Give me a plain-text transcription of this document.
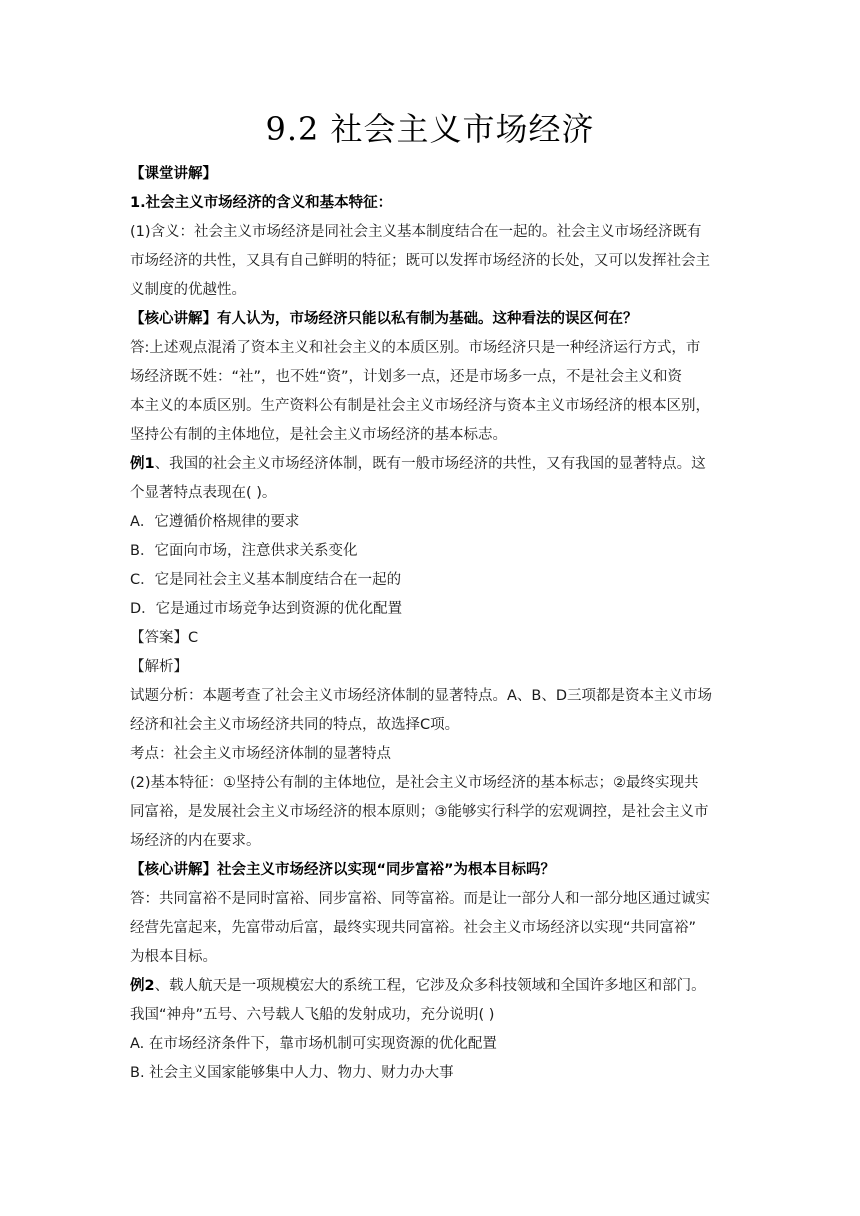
9.2 社会主义市场经济

【课堂讲解】

1.社会主义市场经济的含义和基本特征：

(1)含义：社会主义市场经济是同社会主义基本制度结合在一起的。社会主义市场经济既有

市场经济的共性，又具有自己鲜明的特征；既可以发挥市场经济的长处，又可以发挥社会主

义制度的优越性。

【核心讲解】有人认为，市场经济只能以私有制为基础。这种看法的误区何在？

答:上述观点混淆了资本主义和社会主义的本质区别。市场经济只是一种经济运行方式，市

场经济既不姓：“社”，也不姓“资”，计划多一点，还是市场多一点，不是社会主义和资

本主义的本质区别。生产资料公有制是社会主义市场经济与资本主义市场经济的根本区别，

坚持公有制的主体地位，是社会主义市场经济的基本标志。

例1、我国的社会主义市场经济体制，既有一般市场经济的共性，又有我国的显著特点。这

个显著特点表现在( )。

A．它遵循价格规律的要求

B．它面向市场，注意供求关系变化

C．它是同社会主义基本制度结合在一起的

D．它是通过市场竞争达到资源的优化配置

【答案】C

【解析】

试题分析：本题考查了社会主义市场经济体制的显著特点。A、B、D三项都是资本主义市场

经济和社会主义市场经济共同的特点，故选择C项。

考点：社会主义市场经济体制的显著特点

(2)基本特征：①坚持公有制的主体地位，是社会主义市场经济的基本标志；②最终实现共

同富裕，是发展社会主义市场经济的根本原则；③能够实行科学的宏观调控，是社会主义市

场经济的内在要求。

【核心讲解】社会主义市场经济以实现“同步富裕”为根本目标吗？

答：共同富裕不是同时富裕、同步富裕、同等富裕。而是让一部分人和一部分地区通过诚实

经营先富起来，先富带动后富，最终实现共同富裕。社会主义市场经济以实现“共同富裕”

为根本目标。

例2、载人航天是一项规模宏大的系统工程，它涉及众多科技领域和全国许多地区和部门。

我国“神舟”五号、六号载人飞船的发射成功，充分说明( )

A. 在市场经济条件下，靠市场机制可实现资源的优化配置

B. 社会主义国家能够集中人力、物力、财力办大事
